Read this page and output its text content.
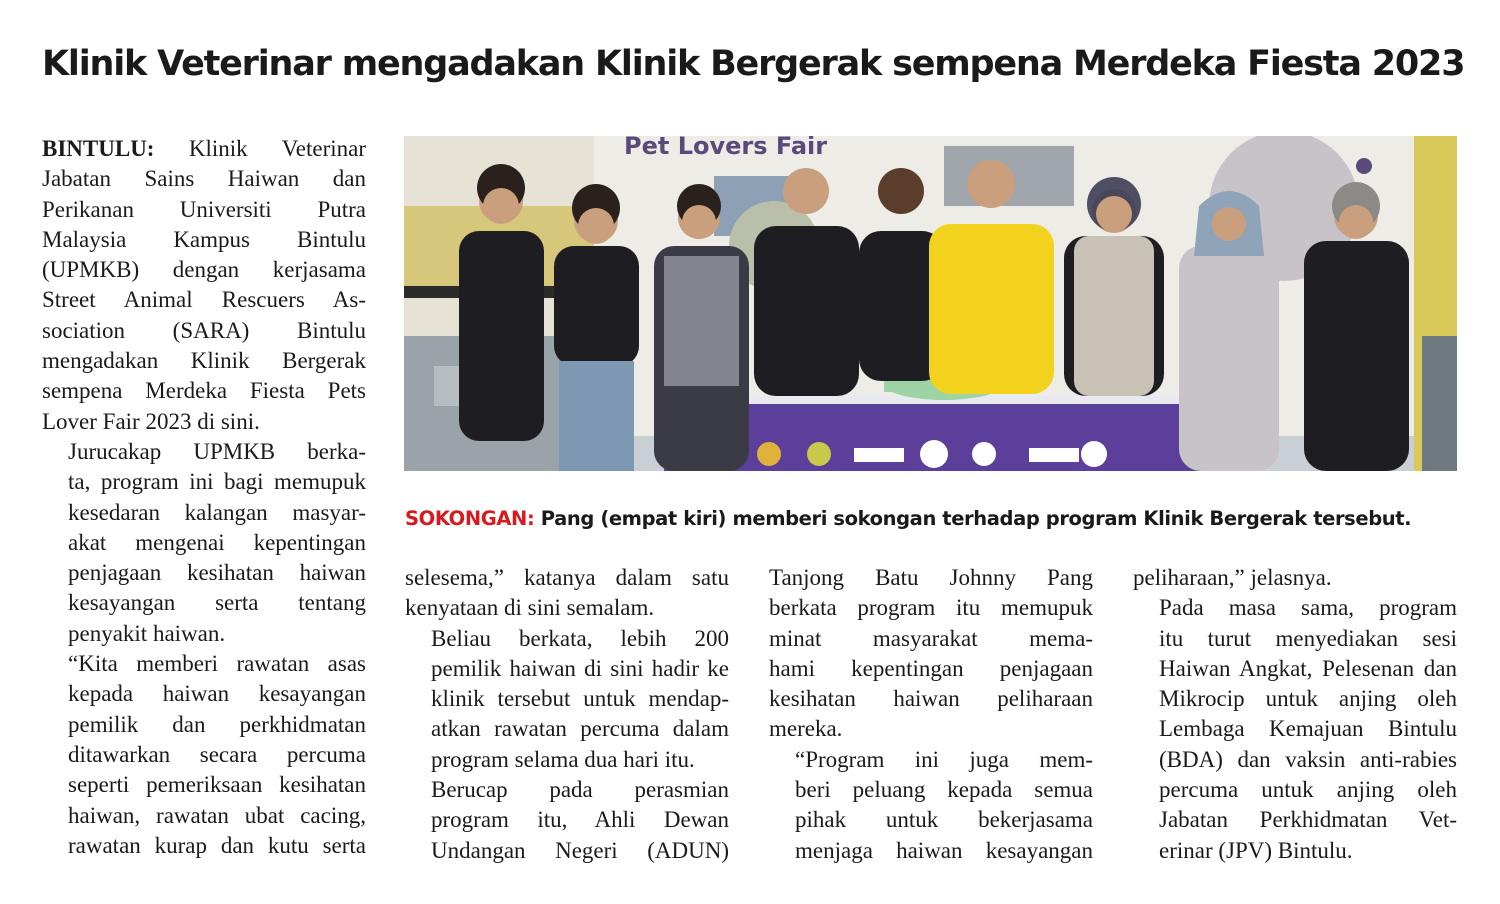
Klinik Veterinar mengadakan Klinik Bergerak sempena Merdeka Fiesta 2023

BINTULU: Klinik Veterinar
Jabatan Sains Haiwan dan
Perikanan Universiti Putra
Malaysia Kampus Bintulu
(UPMKB) dengan kerjasama
Street Animal Rescuers As-
sociation (SARA) Bintulu
mengadakan Klinik Bergerak
sempena Merdeka Fiesta Pets
Lover Fair 2023 di sini.

Jurucakap UPMKB berka-
ta, program ini bagi memupuk
kesedaran kalangan masyar-
akat mengenai kepentingan
penjagaan kesihatan haiwan
kesayangan serta tentang
penyakit haiwan.

“Kita memberi rawatan asas
kepada haiwan kesayangan
pemilik dan perkhidmatan
ditawarkan secara percuma
seperti pemeriksaan kesihatan
haiwan, rawatan ubat cacing,
rawatan kurap dan kutu serta

Pet Lovers Fair
SOKONGAN: Pang (empat kiri) memberi sokongan terhadap program Klinik Bergerak tersebut.

selesema,” katanya dalam satu
kenyataan di sini semalam.

Beliau berkata, lebih 200
pemilik haiwan di sini hadir ke
klinik tersebut untuk mendap-
atkan rawatan percuma dalam
program selama dua hari itu.

Berucap pada perasmian
program itu, Ahli Dewan
Undangan Negeri (ADUN)

Tanjong Batu Johnny Pang
berkata program itu memupuk
minat masyarakat mema-
hami kepentingan penjagaan
kesihatan haiwan peliharaan
mereka.

“Program ini juga mem-
beri peluang kepada semua
pihak untuk bekerjasama
menjaga haiwan kesayangan

peliharaan,” jelasnya.

Pada masa sama, program
itu turut menyediakan sesi
Haiwan Angkat, Pelesenan dan
Mikrocip untuk anjing oleh
Lembaga Kemajuan Bintulu
(BDA) dan vaksin anti-rabies
percuma untuk anjing oleh
Jabatan Perkhidmatan Vet-
erinar (JPV) Bintulu.
